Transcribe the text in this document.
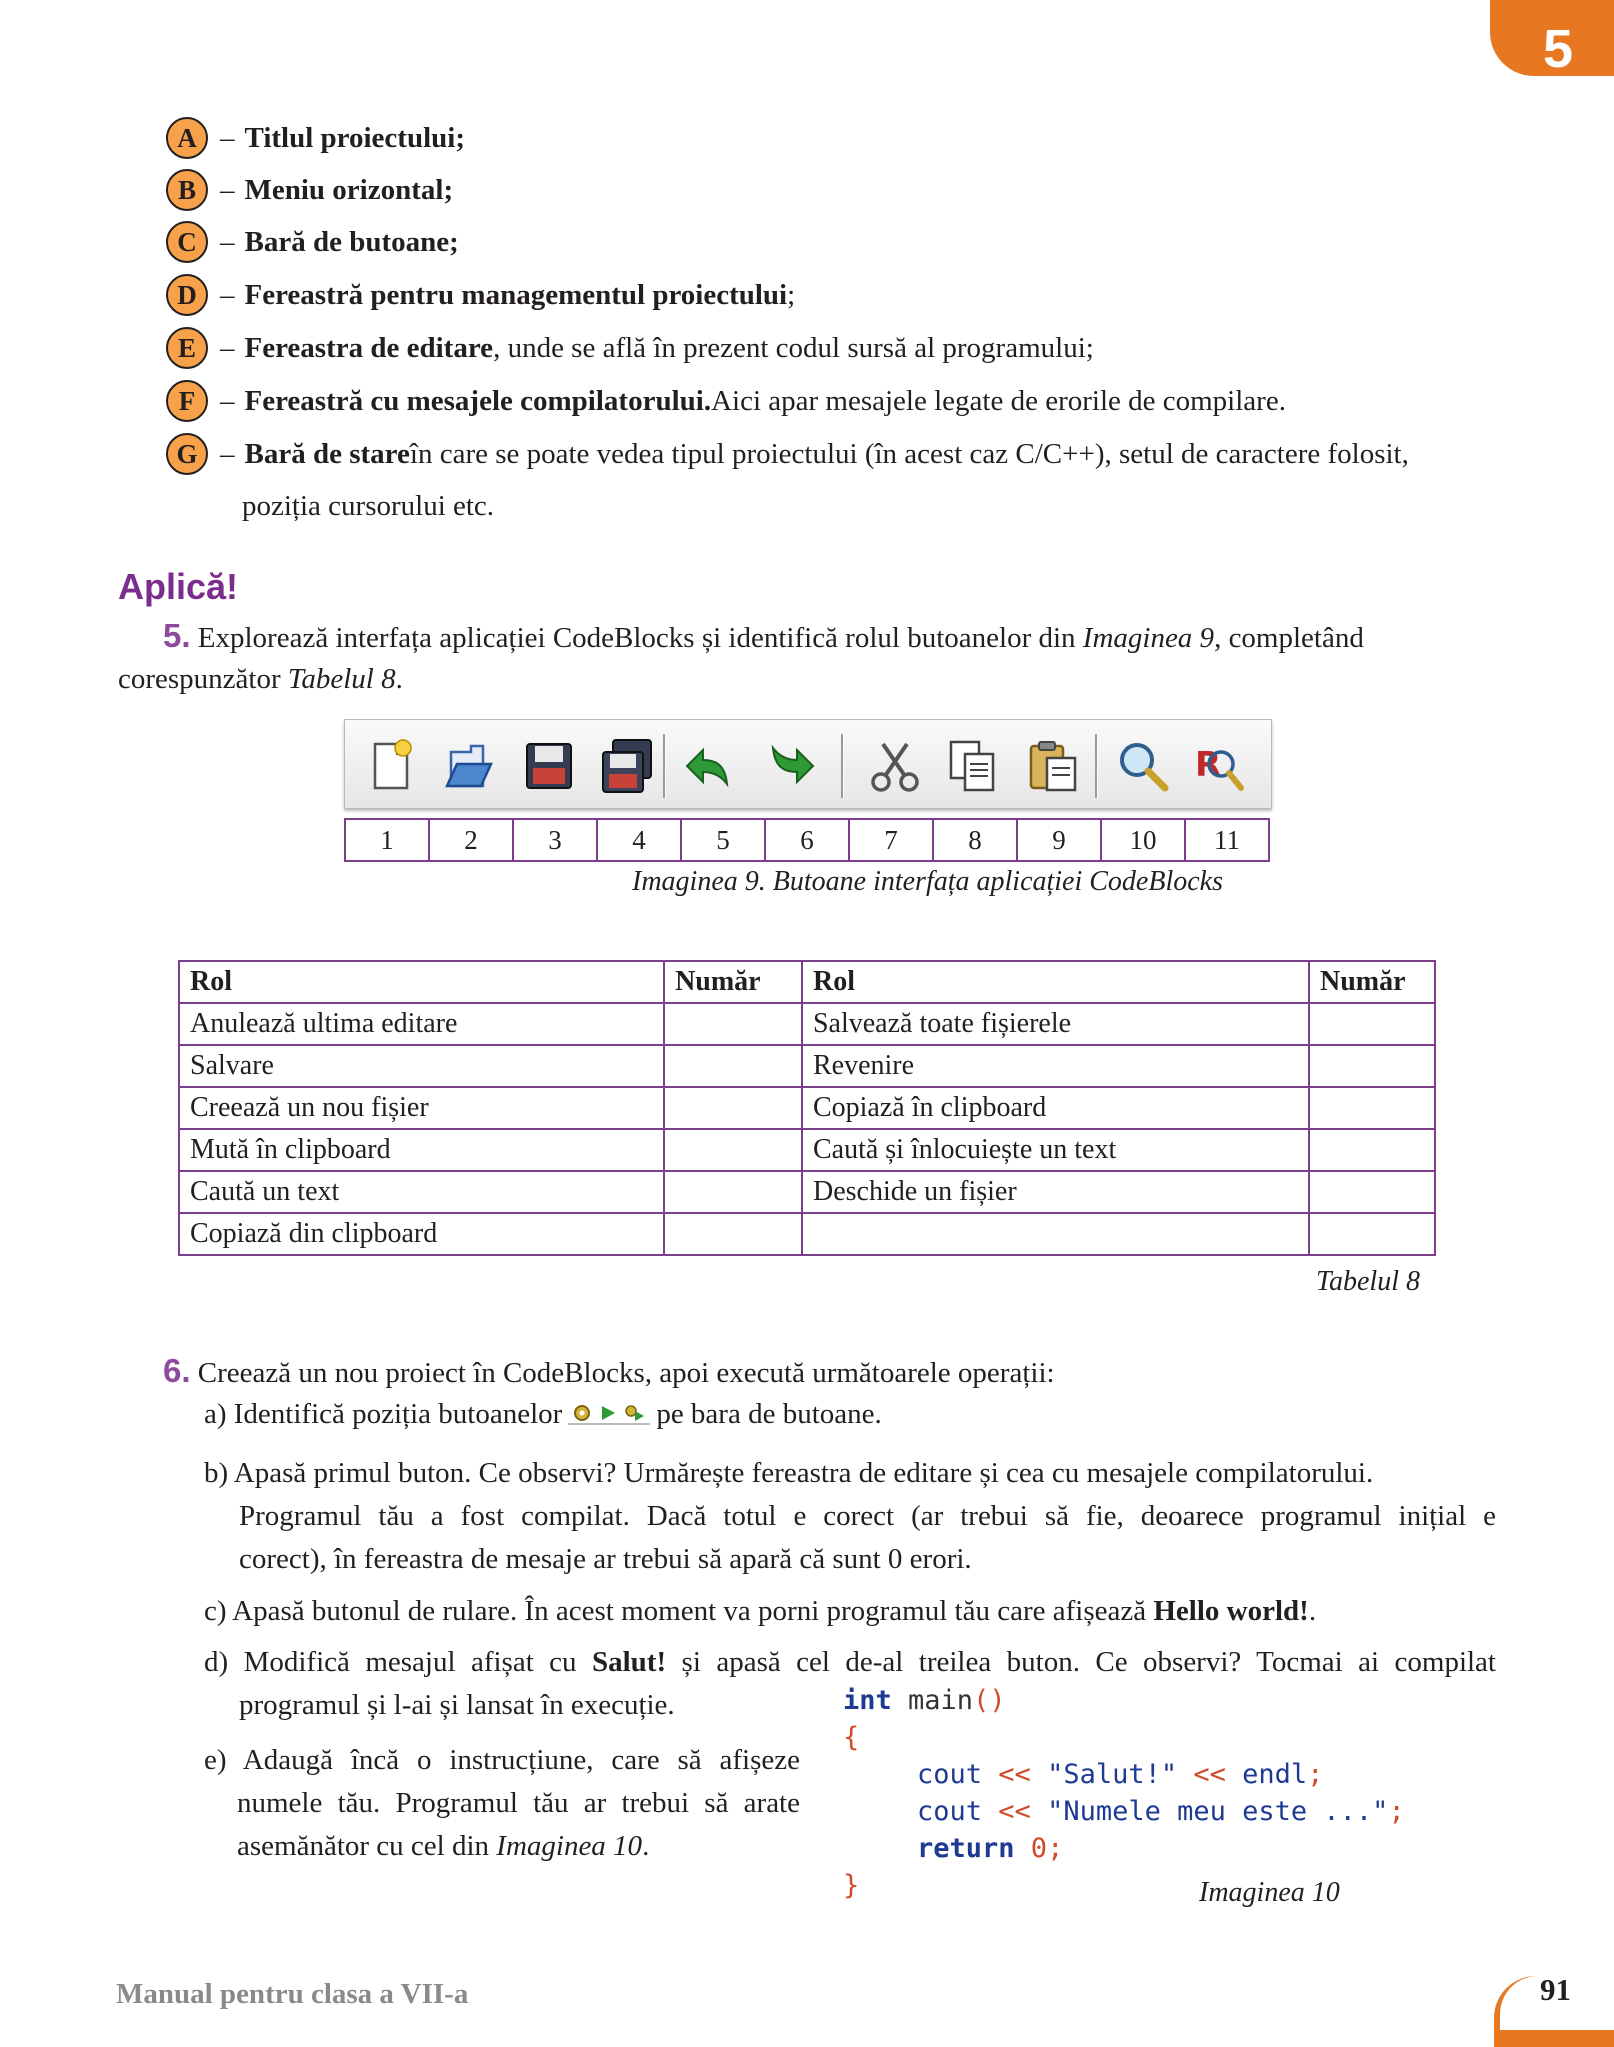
5
A – Titlul proiectului;
B – Meniu orizontal;
C – Bară de butoane;
D – Fereastră pentru managementul proiectului ;
E – Fereastra de editare , unde se află în prezent codul sursă al programului;
F – Fereastră cu mesajele compilatorului. Aici apar mesajele legate de erorile de compilare.
G – Bară de stare în care se poate vedea tipul proiectului (în acest caz C/C++), setul de caractere folosit,
poziția cursorului etc.
Aplică!
5. Explorează interfața aplicației CodeBlocks și identifică rolul butoanelor din Imaginea 9, completând
corespunzător Tabelul 8.
R
1	2	3	4	5	6	7	8	9	10	11
Imaginea 9. Butoane interfața aplicației CodeBlocks
Rol	Număr	Rol	Număr
Anulează ultima editare		Salvează toate fișierele	
Salvare		Revenire	
Creează un nou fișier		Copiază în clipboard	
Mută în clipboard		Caută și înlocuiește un text	
Caută un text		Deschide un fișier	
Copiază din clipboard			
Tabelul 8
6. Creează un nou proiect în CodeBlocks, apoi execută următoarele operații:
a) Identifică poziția butoanelor	pe bara de butoane.
b) Apasă primul buton. Ce observi? Urmărește fereastra de editare și cea cu mesajele compilatorului.
Programul tău a fost compilat. Dacă totul e corect (ar trebui să fie, deoarece programul inițial e
corect), în fereastra de mesaje ar trebui să apară că sunt 0 erori.
c) Apasă butonul de rulare. În acest moment va porni programul tău care afișează Hello world!.
d) Modifică mesajul afișat cu Salut! și apasă cel de-al treilea buton. Ce observi? Tocmai ai compilat
programul și l-ai și lansat în execuție.
e) Adaugă încă o instrucțiune, care să afișeze
numele tău. Programul tău ar trebui să arate
asemănător cu cel din Imaginea 10.
int main()
{
cout << "Salut!" << endl;
cout << "Numele meu este ...";
return 0;
}	Imaginea 10
Manual pentru clasa a VII-a	91
